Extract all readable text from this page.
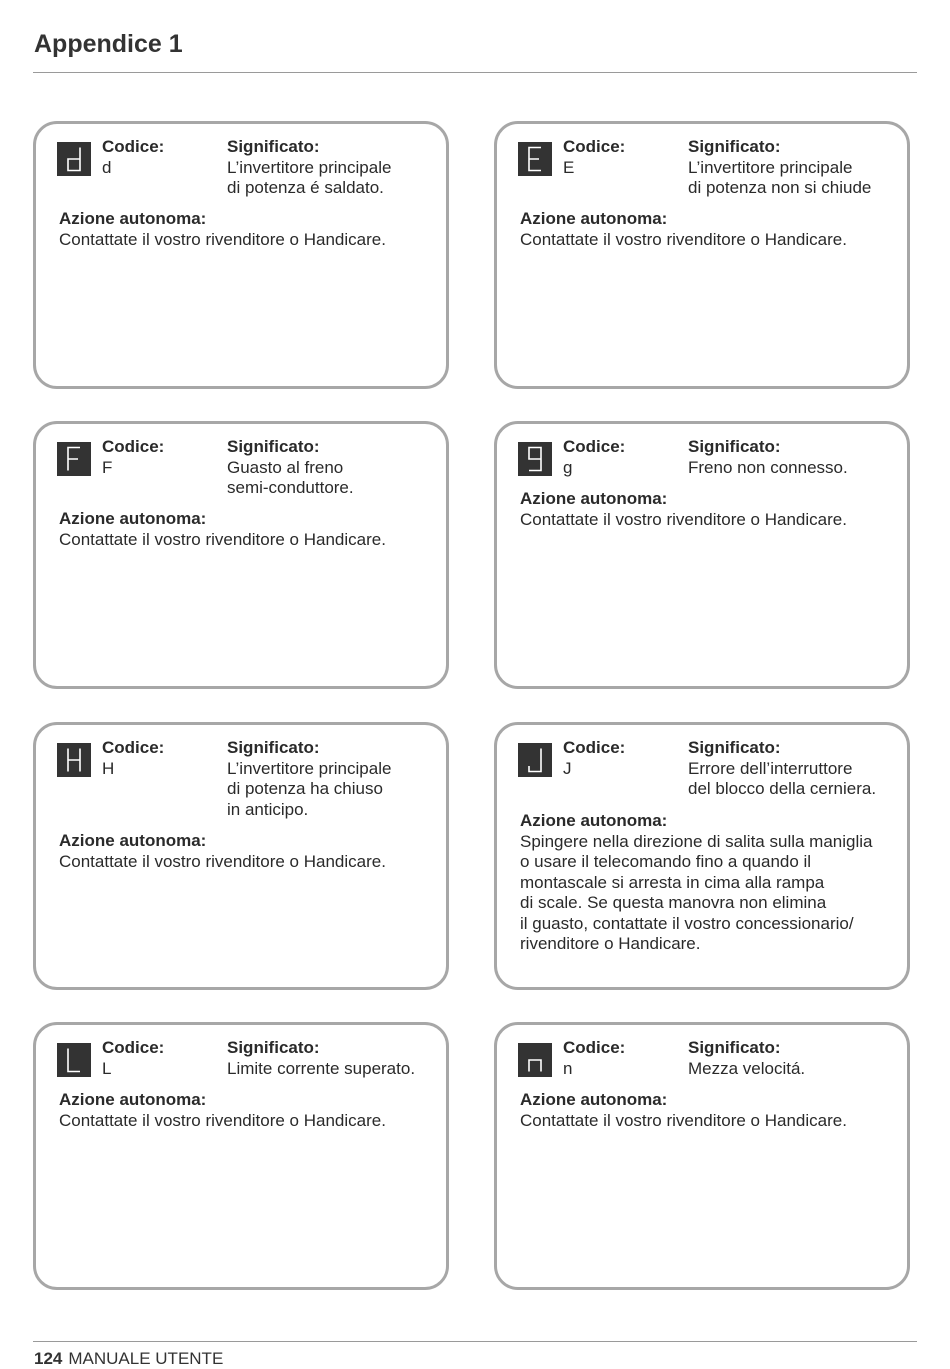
Appendice 1
Codice:
d
Significato:
L’invertitore principale
di potenza é saldato.
Azione autonoma:
Contattate il vostro rivenditore o Handicare.
Codice:
E
Significato:
L’invertitore principale
di potenza non si chiude
Azione autonoma:
Contattate il vostro rivenditore o Handicare.
Codice:
F
Significato:
Guasto al freno
semi-conduttore.
Azione autonoma:
Contattate il vostro rivenditore o Handicare.
Codice:
g
Significato:
Freno non connesso.
Azione autonoma:
Contattate il vostro rivenditore o Handicare.
Codice:
H
Significato:
L’invertitore principale
di potenza ha chiuso
in anticipo.
Azione autonoma:
Contattate il vostro rivenditore o Handicare.
Codice:
J
Significato:
Errore dell’interruttore
del blocco della cerniera.
Azione autonoma:
Spingere nella direzione di salita sulla maniglia
o usare il telecomando fino a quando il
montascale si arresta in cima alla rampa
di scale. Se questa manovra non elimina
il guasto, contattate il vostro concessionario/
rivenditore o Handicare.
Codice:
L
Significato:
Limite corrente superato.
Azione autonoma:
Contattate il vostro rivenditore o Handicare.
Codice:
n
Significato:
Mezza velocitá.
Azione autonoma:
Contattate il vostro rivenditore o Handicare.
124 MANUALE UTENTE
